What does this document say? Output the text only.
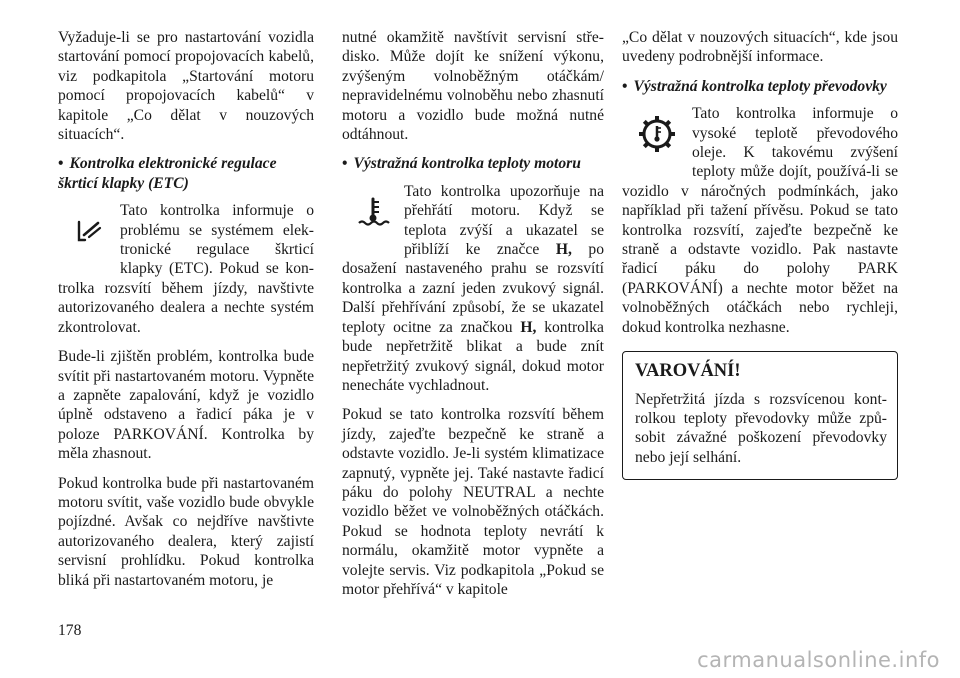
Vyžaduje-li se pro nastartování vozidla startování pomocí propojovacích kabelů, viz podkapitola „Startování motoru pomocí propojovacích kabelů“ v kapitole „Co dělat v nouzových situacích“.

• Kontrolka elektronické regulace škrticí klapky (ETC)

Tato kontrolka informuje o problému se systémem elektronické regulace škrticí klapky (ETC). Pokud se kontrolka rozsvítí během jízdy, navštivte autorizovaného dealera a nechte systém zkontrolovat.

Bude-li zjištěn problém, kontrolka bude svítit při nastartovaném motoru. Vypněte a zapněte zapalování, když je vozidlo úplně odstaveno a řadicí páka je v poloze PARKOVÁNÍ. Kontrolka by měla zhasnout.

Pokud kontrolka bude při nastartovaném motoru svítit, vaše vozidlo bude obvykle pojízdné. Avšak co nejdříve navštivte autorizovaného dealera, který zajistí servisní prohlídku. Pokud kontrolka bliká při nastartovaném motoru, je

nutné okamžitě navštívit servisní středisko. Může dojít ke snížení výkonu, zvýšeným volnoběžným otáčkám/ nepravidelnému volnoběhu nebo zhasnutí motoru a vozidlo bude možná nutné odtáhnout.

• Výstražná kontrolka teploty motoru

Tato kontrolka upozorňuje na přehřátí motoru. Když se teplota zvýší a ukazatel se přiblíží ke značce H, po dosažení nastaveného prahu se rozsvítí kontrolka a zazní jeden zvukový signál. Další přehřívání způsobí, že se ukazatel teploty ocitne za značkou H, kontrolka bude nepřetržitě blikat a bude znít nepřetržitý zvukový signál, dokud motor nenecháte vychladnout.

Pokud se tato kontrolka rozsvítí během jízdy, zajeďte bezpečně ke straně a odstavte vozidlo. Je-li systém klimatizace zapnutý, vypněte jej. Také nastavte řadicí páku do polohy NEUTRAL a nechte vozidlo běžet ve volnoběžných otáčkách. Pokud se hodnota teploty nevrátí k normálu, okamžitě motor vypněte a volejte servis. Viz podkapitola „Pokud se motor přehřívá“ v kapitole

„Co dělat v nouzových situacích“, kde jsou uvedeny podrobnější informace.

• Výstražná kontrolka teploty převodovky

Tato kontrolka informuje o vysoké teplotě převodového oleje. K takovému zvýšení teploty může dojít, používá-li se vozidlo v náročných podmínkách, jako například při tažení přívěsu. Pokud se tato kontrolka rozsvítí, zajeďte bezpečně ke straně a odstavte vozidlo. Pak nastavte řadicí páku do polohy PARK (PARKOVÁNÍ) a nechte motor běžet na volnoběžných otáčkách nebo rychleji, dokud kontrolka nezhasne.

VAROVÁNÍ!

Nepřetržitá jízda s rozsvícenou kontrolkou teploty převodovky může způsobit závažné poškození převodovky nebo její selhání.

178
carmanualsonline.info
